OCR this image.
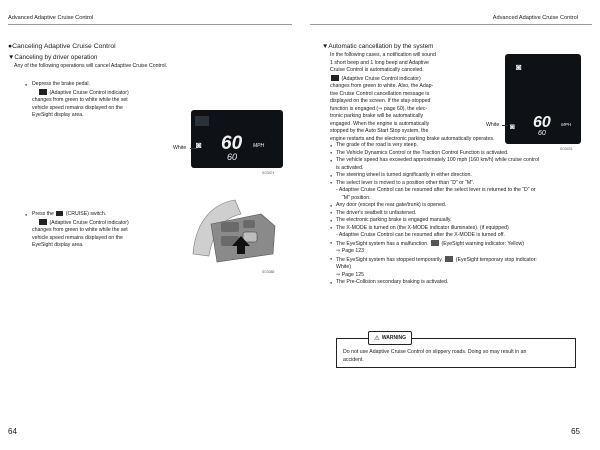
Advanced Adaptive Cruise Control	Advanced Adaptive Cruise Control
●Canceling Adaptive Cruise Control
▼Canceling by driver operation
Any of the following operations will cancel Adaptive Cruise Control.
● Depress the brake pedal.
(Adaptive Cruise Control indicator)
changes from green to white while the set
vehicle speed remains displayed on the
EyeSight display area.
◙ 60
60
MPH
White
SO3474
● Press the (CRUISE) switch.
(Adaptive Cruise Control indicator)
changes from green to white while the set
vehicle speed remains displayed on the
EyeSight display area.
SO3385
64
▼Automatic cancellation by the system
In the following cases, a notification will sound
1 short beep and 1 long beep and Adaptive
Cruise Control is automatically canceled.
(Adaptive Cruise Control indicator)
changes from green to white. Also, the Adap-
tive Cruise Control cancellation message is
displayed on the screen. If the stay-stopped
function is engaged (⇒ page 60), the elec-
tronic parking brake will be automatically
engaged. When the engine is automatically
stopped by the Auto Start Stop system, the
engine restarts and the electronic parking brake automatically operates.
◙
◙ 60
60
MPH
White
SO3476
● The grade of the road is very steep.
● The Vehicle Dynamics Control or the Traction Control Function is activated.
● The vehicle speed has exceeded approximately 100 mph (160 km/h) while cruise control
is activated.
● The steering wheel is turned significantly in either direction.
● The select lever is moved to a position other than “D” or “M”.
- Adaptive Cruise Control can be resumed after the select lever is returned to the “D” or
“M” position.
● Any door (except the rear gate/trunk) is opened.
● The driver's seatbelt is unfastened.
● The electronic parking brake is engaged manually.
● The X-MODE is turned on (the X-MODE indicator illuminates). (if equipped)
- Adaptive Cruise Control can be resumed after the X-MODE is turned off.
● The EyeSight system has a malfunction. (EyeSight warning indicator: Yellow)
⇒ Page 123
● The EyeSight system has stopped temporarily. (EyeSight temporary stop indicator:
White)
⇒ Page 125
● The Pre-Collision secondary braking is activated.
Do not use Adaptive Cruise Control on slippery roads. Doing so may result in an
accident.
⚠ WARNING
65
